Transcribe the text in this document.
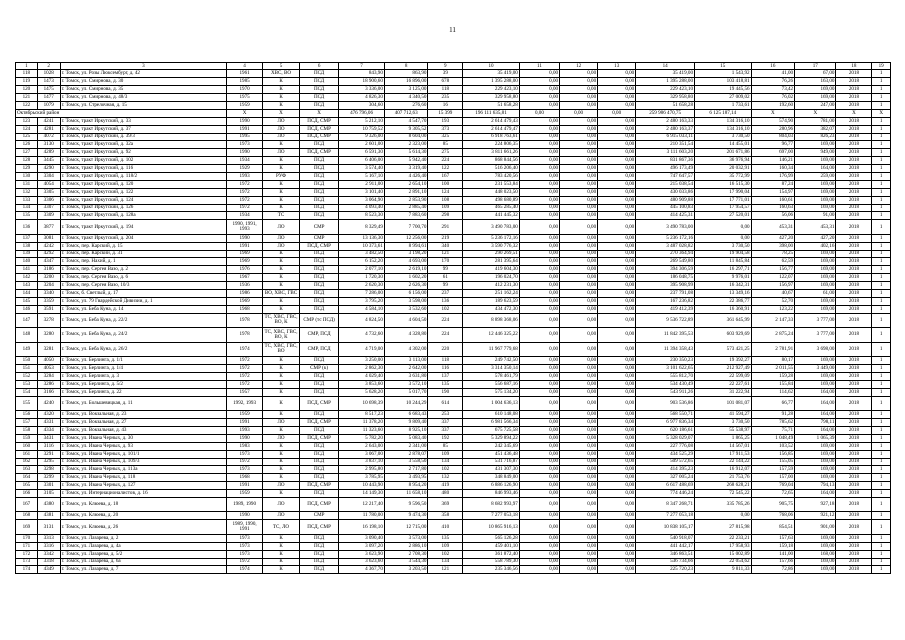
11
1	2	3	4	5	6	7	8	9	10	11	12	13	14	15	16	17	18	19
118	1028	г. Томск, ул. Розы Люксембург, д. 42	1961	ХВС, ВО	ПСД	843,90	863,90	39	35 419,00	0,00	0,00	0,00	35 419,00	1 543,92	41,00	67,00	2018	1
119	1473	г. Томск, ул. Смирнова, д. 30	1985	К	ПСД	18 900,60	16 896,00	678	1 395 288,00	0,00	0,00	0,00	1 395 288,00	103 418,81	76,26	163,00	2018	1
120	1475	г. Томск, ул. Смирнова, д. 35	1970	К	ПСД	3 336,00	3 125,00	118	229 423,10	0,00	0,00	0,00	229 423,10	19 445,56	73,42	169,00	2018	1
121	1477	г. Томск, ул. Смирнова, д. 48/3	1975	К	ПСД	4 826,30	4 340,50	235	329 958,80	0,00	0,00	0,00	329 958,80	27 009,02	76,02	169,00	2018	1
122	1079	г. Томск, ул. Стрелочная, д. 15	1959	К	ПСД	304,60	276,60	16	51 658,28	0,00	0,00	0,00	51 658,28	1 733,61	192,60	247,00	2018	1
Октябрьский район			X	X	X	476 796,06	407 712,63	15 399	196 111 635,81	0,00	0,00	0,00	259 986 470,75	6 125 187,14	X	X	X	X
123	4241	г. Томск, тракт Иркутский, д. 33	1990	ЛО	ПСД, СМР	5 212,10	4 547,70	193	2 614 479,43	0,00	0,00	0,00	2 480 163,33	134 316,10	574,90	781,00	2018	1
124	4281	г. Томск, тракт Иркутский, д. 37	1991	ЛО	ПСД, СМР	10 759,52	9 305,52	373	2 614 479,47	0,00	0,00	0,00	2 480 163,37	134 316,10	280,96	382,07	2018	1
125	4072	г. Томск, тракт Иркутский, д. 39/3	1995	ЛО	ПСД, СМР	9 326,00	8 604,00	325	6 918 763,61	0,00	0,00	0,00	6 915 033,11	3 730,50	804,03	826,23	2018	1
126	3130	г. Томск, тракт Иркутский, д. 32а	1973	К	ПСД	2 601,00	2 323,00	85	224 806,35	0,00	0,00	0,00	210 351,54	14 455,01	96,77	169,00	2018	1
127	4289	г. Томск, тракт Иркутский, д. 92	1990	ЛО	ПСД, СМР	6 591,30	5 614,30	275	3 811 661,26	0,00	0,00	0,00	3 111 603,20	201 671,86	697,00	949,00	2018	1
128	3445	г. Томск, тракт Иркутский, д. 102	1934	К	ПСД	6 406,00	5 942,40	224	868 844,56	0,00	0,00	0,00	831 867,36	36 976,94	146,21	169,00	2018	1
129	4290	г. Томск, тракт Иркутский, д. 116	1929	К	ПСД	3 574,40	3 319,40	122	516 206,40	0,00	0,00	0,00	496 173,49	20 032,91	160,34	164,00	2018	1
130	3304	г. Томск, тракт Иркутский, д. 118/2	1993	РУФ	ПСД	5 167,10	4 426,40	167	783 420,56	0,00	0,00	0,00	747 647,57	35 772,99	176,99	259,00	2018	1
131	4054	г. Томск, тракт Иркутский, д. 120	1972	К	ПСД	2 911,00	2 654,10	100	231 553,84	0,00	0,00	0,00	215 038,54	16 515,30	87,24	169,00	2018	1
132	3305	г. Томск, тракт Иркутский, д. 122	1972	К	ПСД	3 101,40	2 891,10	124	448 023,50	0,00	0,00	0,00	430 033,86	17 990,04	154,97	169,00	2018	1
133	3306	г. Томск, тракт Иркутский, д. 124	1972	К	ПСД	3 064,90	2 853,90	108	498 680,89	0,00	0,00	0,00	480 909,88	17 771,01	160,61	169,00	2018	1
134	3307	г. Томск, тракт Иркутский, д. 126	1972	К	ПСД	4 093,40	2 885,40	109	465 285,40	0,00	0,00	0,00	445 100,83	17 954,57	160,63	169,00	2018	1
135	3309	г. Томск, тракт Иркутский, д. 128а	1934	ТС	ПСД	8 523,30	7 883,60	298	441 445,32	0,00	0,00	0,00	414 425,31	27 520,01	56,06	91,00	2018	1
136	3877	г. Томск, тракт Иркутский, д. 194	1990, 1991, 1993	ЛО	СМР	8 329,49	7 700,70	291	3 490 783,00	0,00	0,00	0,00	3 490 783,00	0,00	453,31	453,31	2018	1
137	3081	г. Томск, тракт Иркутский, д. 204	1990	ЛО	СМР	13 136,30	12 256,00	219	5 236 172,16	0,00	0,00	0,00	5 236 172,16	0,00	427,20	427,20	2018	1
138	4242	г. Томск, пер. Карский, д. 15	1991	ЛО	ПСД, СМР	10 373,61	8 994,61	340	3 590 776,32	0,00	0,00	0,00	3 487 028,82	3 730,50	398,00	402,16	2018	1
139	4292	г. Томск, пер. Карский, д. 31	1969	К	ПСД	3 482,50	3 198,20	121	290 269,51	0,00	0,00	0,00	270 364,94	19 904,58	78,25	169,00	2018	1
140	4347	г. Томск, пер. Нахий, д. 1	1969	К	ПСД	6 152,20	4 693,00	170	281 395,64	0,00	0,00	0,00	269 549,80	11 845,84	62,59	169,00	2018	1
141	3186	г. Томск, пер. Сергея Вазо, д. 2	1976	К	ПСД	2 077,10	2 619,10	99	419 604,30	0,00	0,00	0,00	394 306,59	16 297,71	156,77	169,00	2018	1
142	3200	г. Томск, пер. Сергея Вазо, д. 6	1967	К	ПСД	1 720,30	1 602,20	61	196 024,70	0,00	0,00	0,00	186 048,75	9 976,01	122,07	169,00	2018	1
143	3204	г. Томск, пер. Сергея Вазо, 10/3	1936	К	ПСД	2 620,30	2 626,30	99	412 231,30	0,00	0,00	0,00	395 908,99	16 342,31	156,97	169,00	2018	1
144	3340	г. Томск, б. Светлый, д. 17	1986	ВО, ХВС, ГВС	ПСД	7 286,00	6 156,00	237	251 162,24	0,00	0,00	0,00	237 791,08	13 349,16	40,67	61,00	2018	1
145	3359	г. Томск, ул. 79 Гвардейской Дивизии, д. 1	1969	К	ПСД	3 795,20	3 598,00	136	189 623,59	0,00	0,00	0,00	167 236,82	22 386,77	52,70	169,00	2018	1
146	3591	г. Томск, ул. Беба Куна, д. 14	1968	К	ПСД	4 584,10	3 532,60	102	434 472,30	0,00	0,00	0,00	419 412,39	16 360,91	123,22	169,00	2018	1
147	3278	г. Томск, ул. Беба Куна, д. 22/2	1978	ТС, ХВС, ГВС, ВО, К	СМР (тс ПСД)	4 824,50	4 604,50	224	8 898 368,06	0,00	0,00	0,00	9 536 722,89	361 645,99	2 147,33	3 777,00	2018	1
148	3280	г. Томск, ул. Беба Куна, д. 24/2	1978	ТС, ХВС, ГВС, ВО, К	СМР, ПСД	4 732,60	4 328,80	224	12 446 325,22	0,00	0,00	0,00	11 842 395,53	603 929,69	2 875,24	3 777,00	2018	1
149	3281	г. Томск, ул. Беба Куна, д. 26/2	1974	ТС, ХВС, ГВС, ВО	СМР, ПСД	4 719,00	4 302,00	220	11 967 779,68	0,00	0,00	0,00	11 394 358,43	573 421,25	2 781,91	3 698,00	2018	1
150	4050	г. Томск, ул. Берлинга, д. 1/1	1972	К	ПСД	3 250,00	3 113,00	118	249 742,50	0,00	0,00	0,00	230 350,23	19 392,27	80,17	169,00	2018	1
151	4053	г. Томск, ул. Берлинга, д. 1/4	1972	К	СМР (к)	2 862,30	2 642,00	116	3 314 350,14	0,00	0,00	0,00	3 101 622,65	212 927,49	2 011,55	3 449,00	2018	1
152	3284	г. Томск, ул. Берлинга, д. 3	1972	К	ПСД	4 029,40	3 631,80	137	578 461,79	0,00	0,00	0,00	555 812,70	22 599,09	159,28	169,00	2018	1
153	3286	г. Томск, ул. Берлинга, д. 5/2	1972	К	ПСД	3 853,60	3 572,10	135	556 687,16	0,00	0,00	0,00	534 430,49	22 227,61	155,84	169,00	2018	1
154	3166	г. Томск, ул. Берлинга, д. 22	1957	К	ПСД	5 628,20	5 017,70	190	575 134,20	0,00	0,00	0,00	543 911,26	31 222,94	114,62	164,00	2018	1
155	4240	г. Томск, ул. Большевицкая, д. 11	1992, 1993	К	ПСД, СМР	10 698,39	10 244,29	614	1 004 636,13	0,00	0,00	0,00	903 536,86	101 081,07	66,77	164,00	2018	1
156	4320	г. Томск, ул. Вокзальная, д. 23	1959	К	ПСД	8 517,23	6 683,43	253	610 148,08	0,00	0,00	0,00	568 550,71	41 594,27	91,28	164,00	2018	1
157	4331	г. Томск, ул. Вокзальная, д. 27	1991	ЛО	ПСД, СМР	11 378,20	9 809,40	337	6 981 566,34	0,00	0,00	0,00	6 977 836,34	3 730,50	785,62	798,11	2018	1
158	4334	г. Томск, ул. Вокзальная, д. 43	1993	К	ПСД	11 323,60	8 925,10	337	675 725,58	0,00	0,00	0,00	620 186,61	55 538,97	75,71	164,00	2018	1
159	3431	г. Томск, ул. Ивана Черных, д. 30	1990	ЛО	ПСД, СМР	5 782,20	5 083,40	192	5 329 894,22	0,00	0,00	0,00	5 328 029,07	1 865,25	1 048,49	1 065,39	2018	1
160	3116	г. Томск, ул. Ивана Черных, д. 93	1983	К	ПСД	2 643,00	2 341,00	85	242 345,69	0,00	0,00	0,00	227 776,08	14 567,01	103,52	169,00	2018	1
161	3291	г. Томск, ул. Ивана Черных, д. 101/1	1973	К	ПСД	3 067,00	2 878,07	109	451 436,48	0,00	0,00	0,00	434 525,29	17 911,53	156,85	169,00	2018	1
162	3295	г. Томск, ул. Ивана Черных, д. 109/3	1972	К	ПСД	3 837,10	3 558,50	134	531 716,87	0,00	0,00	0,00	509 572,65	22 144,22	155,05	169,00	2018	1
163	3298	г. Томск, ул. Ивана Черных, д. 113а	1973	К	ПСД	2 995,80	2 717,80	102	431 307,30	0,00	0,00	0,00	414 395,23	16 912,07	157,59	169,00	2018	1
164	3299	г. Томск, ул. Ивана Черных, д. 118	1968	К	ПСД	3 785,95	3 493,95	132	348 849,00	0,00	0,00	0,00	327 005,24	21 753,76	157,00	169,00	2018	1
165	3301	г. Томск, ул. Ивана Черных, д. 127	1991	ЛО	ПСД, СМР	10 443,90	8 954,20	419	6 886 126,90	0,00	0,00	0,00	6 617 488,69	268 628,21	769,04	794,13	2018	1
166	3105	г. Томск, ул. Интернационалистов, д. 16	1959	К	ПСД	14 149,30	11 658,10	480	846 993,46	0,00	0,00	0,00	774 446,24	72 545,22	72,65	164,00	2018	1
167	4380	г. Томск, ул. Клюева, д. 18	1989, 1990	ЛО	ПСД, СМР	12 217,40	9 596,50	369	8 682 993,97	0,00	0,00	0,00	8 347 268,71	335 785,26	905,75	927,18	2018	1
168	4381	г. Томск, ул. Клюева, д. 20	1990	ЛО	СМР	11 780,00	9 474,30	358	7 277 053,18	0,00	0,00	0,00	7 277 053,18	0,00	768,06	921,12	2018	1
169	3131	г. Томск, ул. Клюева, д. 26	1989, 1990, 1991	ТС, ЛО	ПСД, СМР	16 198,10	12 715,00	410	10 865 916,13	0,00	0,00	0,00	10 838 105,17	27 815,98	854,51	901,00	2018	1
170	3313	г. Томск, ул. Лазарева, д. 2	1973	К	ПСД	3 090,40	3 573,00	135	565 126,28	0,00	0,00	0,00	540 918,07	22 233,21	157,63	169,00	2018	1
171	3316	г. Томск, ул. Лазарева, д. 4а	1973	К	ПСД	3 097,20	2 886,10	109	459 401,10	0,00	0,00	0,00	441 442,17	17 958,93	159,18	169,00	2018	1
172	3342	г. Томск, ул. Лазарева, д. 5/2	1973	К	ПСД	3 623,90	2 708,30	102	361 872,40	0,00	0,00	0,00	346 863,51	15 002,89	141,00	168,00	2018	1
173	3318	г. Томск, ул. Лазарева, д. 6а	1972	К	ПСД	3 623,60	3 544,30	134	558 789,30	0,00	0,00	0,00	536 734,66	22 054,62	157,66	169,00	2018	1
174	4349	г. Томск, ул. Лазарева, д. 7	1974	К	ПСД	4 367,70	3 203,50	121	235 346,56	0,00	0,00	0,00	225 720,23	9 811,33	72,86	169,00	2018	1
